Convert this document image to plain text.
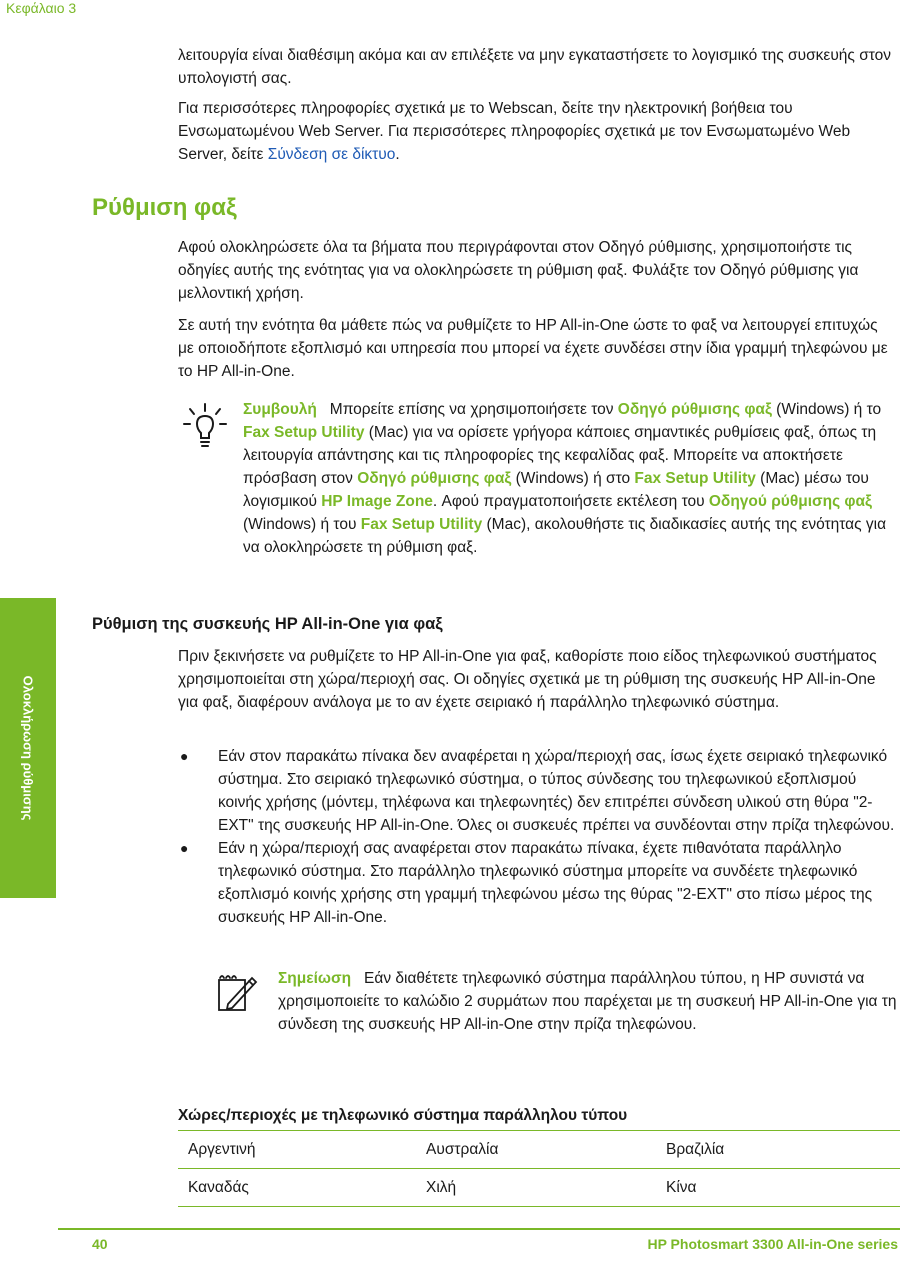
Κεφάλαιο 3
Ολοκλήρωση ρύθμισης

λειτουργία είναι διαθέσιμη ακόμα και αν επιλέξετε να μην εγκαταστήσετε το λογισμικό της συσκευής στον υπολογιστή σας.

Για περισσότερες πληροφορίες σχετικά με το Webscan, δείτε την ηλεκτρονική βοήθεια του Ενσωματωμένου Web Server. Για περισσότερες πληροφορίες σχετικά με τον Ενσωματωμένο Web Server, δείτε Σύνδεση σε δίκτυο.

Ρύθμιση φαξ

Αφού ολοκληρώσετε όλα τα βήματα που περιγράφονται στον Οδηγό ρύθμισης, χρησιμοποιήστε τις οδηγίες αυτής της ενότητας για να ολοκληρώσετε τη ρύθμιση φαξ. Φυλάξτε τον Οδηγό ρύθμισης για μελλοντική χρήση.

Σε αυτή την ενότητα θα μάθετε πώς να ρυθμίζετε το HP All-in-One ώστε το φαξ να λειτουργεί επιτυχώς με οποιοδήποτε εξοπλισμό και υπηρεσία που μπορεί να έχετε συνδέσει στην ίδια γραμμή τηλεφώνου με το HP All-in-One.

Συμβουλή Μπορείτε επίσης να χρησιμοποιήσετε τον Οδηγό ρύθμισης φαξ (Windows) ή το Fax Setup Utility (Mac) για να ορίσετε γρήγορα κάποιες σημαντικές ρυθμίσεις φαξ, όπως τη λειτουργία απάντησης και τις πληροφορίες της κεφαλίδας φαξ. Μπορείτε να αποκτήσετε πρόσβαση στον Οδηγό ρύθμισης φαξ (Windows) ή στο Fax Setup Utility (Mac) μέσω του λογισμικού HP Image Zone. Αφού πραγματοποιήσετε εκτέλεση του Οδηγού ρύθμισης φαξ (Windows) ή του Fax Setup Utility (Mac), ακολουθήστε τις διαδικασίες αυτής της ενότητας για να ολοκληρώσετε τη ρύθμιση φαξ.

Ρύθμιση της συσκευής HP All-in-One για φαξ

Πριν ξεκινήσετε να ρυθμίζετε το HP All-in-One για φαξ, καθορίστε ποιο είδος τηλεφωνικού συστήματος χρησιμοποιείται στη χώρα/περιοχή σας. Οι οδηγίες σχετικά με τη ρύθμιση της συσκευής HP All-in-One για φαξ, διαφέρουν ανάλογα με το αν έχετε σειριακό ή παράλληλο τηλεφωνικό σύστημα.

● Εάν στον παρακάτω πίνακα δεν αναφέρεται η χώρα/περιοχή σας, ίσως έχετε σειριακό τηλεφωνικό σύστημα. Στο σειριακό τηλεφωνικό σύστημα, ο τύπος σύνδεσης του τηλεφωνικού εξοπλισμού κοινής χρήσης (μόντεμ, τηλέφωνα και τηλεφωνητές) δεν επιτρέπει σύνδεση υλικού στη θύρα "2-EXT" της συσκευής HP All-in-One. Όλες οι συσκευές πρέπει να συνδέονται στην πρίζα τηλεφώνου.
● Εάν η χώρα/περιοχή σας αναφέρεται στον παρακάτω πίνακα, έχετε πιθανότατα παράλληλο τηλεφωνικό σύστημα. Στο παράλληλο τηλεφωνικό σύστημα μπορείτε να συνδέετε τηλεφωνικό εξοπλισμό κοινής χρήσης στη γραμμή τηλεφώνου μέσω της θύρας "2-EXT" στο πίσω μέρος της συσκευής HP All-in-One.

Σημείωση Εάν διαθέτετε τηλεφωνικό σύστημα παράλληλου τύπου, η HP συνιστά να χρησιμοποιείτε το καλώδιο 2 συρμάτων που παρέχεται με τη συσκευή HP All-in-One για τη σύνδεση της συσκευής HP All-in-One στην πρίζα τηλεφώνου.

Χώρες/περιοχές με τηλεφωνικό σύστημα παράλληλου τύπου

Αργεντινή	Αυστραλία	Βραζιλία
Καναδάς	Χιλή	Κίνα
40	HP Photosmart 3300 All-in-One series
